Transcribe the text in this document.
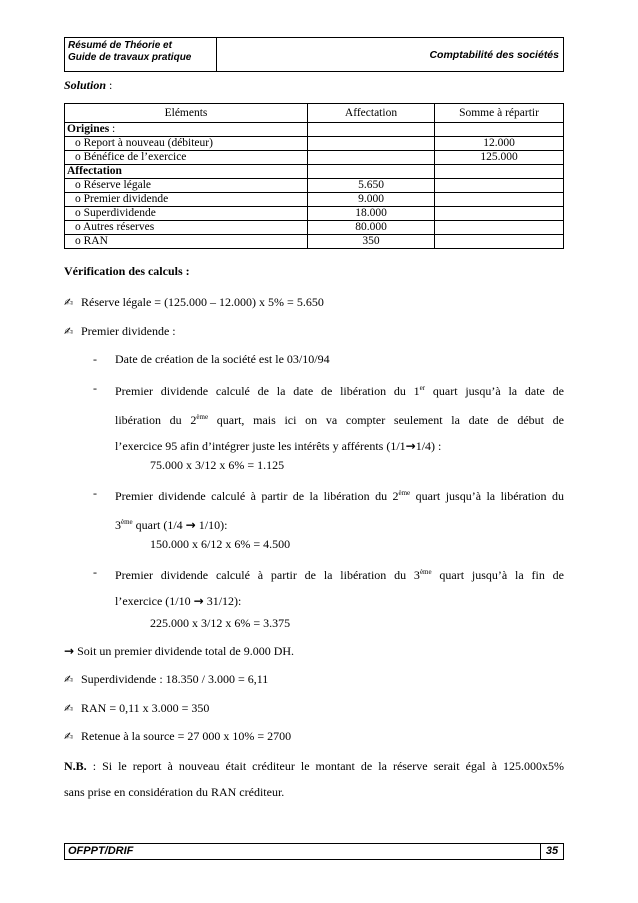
Résumé de Théorie et
Guide de travaux pratique	Comptabilité des sociétés
Solution :
Eléments	Affectation	Somme à répartir
Origines :		
o Report à nouveau (débiteur)		12.000
o Bénéfice de l’exercice		125.000
Affectation		
o Réserve légale	5.650	
o Premier dividende	9.000	
o Superdividende	18.000	
o Autres réserves	80.000	
o RAN	350	
Vérification des calculs :
✍ Réserve légale = (125.000 – 12.000) x 5% = 5.650
✍ Premier dividende :
- Date de création de la société est le 03/10/94
- Premier dividende calculé de la date de libération du 1er quart jusqu’à la date de
libération du 2ème quart, mais ici on va compter seulement la date de début de
l’exercice 95 afin d’intégrer juste les intérêts y afférents (1/1→1/4) :
75.000 x 3/12 x 6% = 1.125
- Premier dividende calculé à partir de la libération du 2ème quart jusqu’à la libération du
3ème quart (1/4 → 1/10):
150.000 x 6/12 x 6% = 4.500
- Premier dividende calculé à partir de la libération du 3ème quart jusqu’à la fin de
l’exercice (1/10 → 31/12):
225.000 x 3/12 x 6% = 3.375
→ Soit un premier dividende total de 9.000 DH.
✍ Superdividende : 18.350 / 3.000 = 6,11
✍ RAN = 0,11 x 3.000 = 350
✍ Retenue à la source = 27 000 x 10% = 2700
N.B. : Si le report à nouveau était créditeur le montant de la réserve serait égal à 125.000x5%
sans prise en considération du RAN créditeur.
OFPPT/DRIF	35
